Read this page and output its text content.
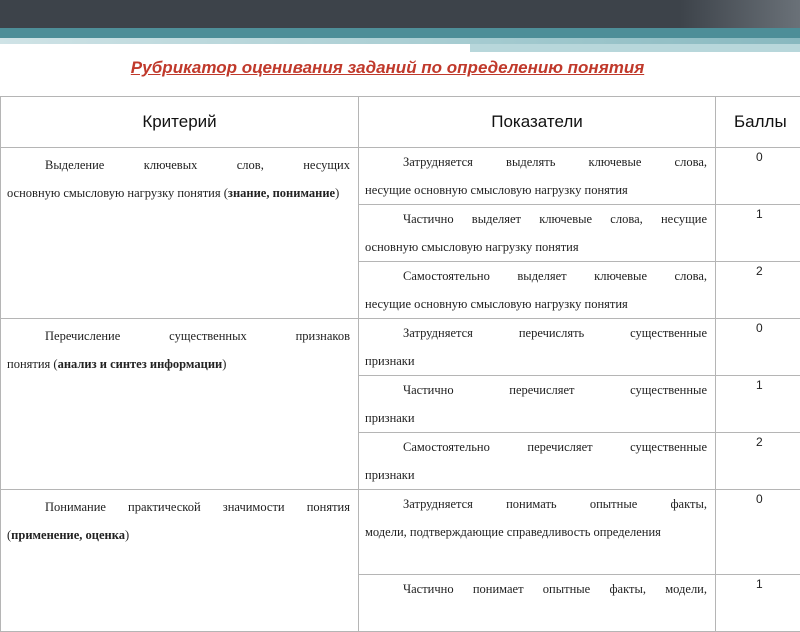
Рубрикатор оценивания заданий по определению понятия
Критерий	Показатели	Баллы

Выделение ключевых слов, несущих
основную смысловую нагрузку понятия (знание, понимание)	Затрудняется выделять ключевые слова,
несущие основную смысловую нагрузку понятия	0

	Частично выделяет ключевые слова, несущие
основную смысловую нагрузку понятия	1

	Самостоятельно выделяет ключевые слова,
несущие основную смысловую нагрузку понятия	2

Перечисление существенных признаков
понятия (анализ и синтез информации)	Затрудняется перечислять существенные
признаки	0

	Частично перечисляет существенные
признаки	1

	Самостоятельно перечисляет существенные
признаки	2

Понимание практической значимости понятия
(применение, оценка)	Затрудняется понимать опытные факты,
модели, подтверждающие справедливость определения	0

	Частично понимает опытные факты, модели,	1
